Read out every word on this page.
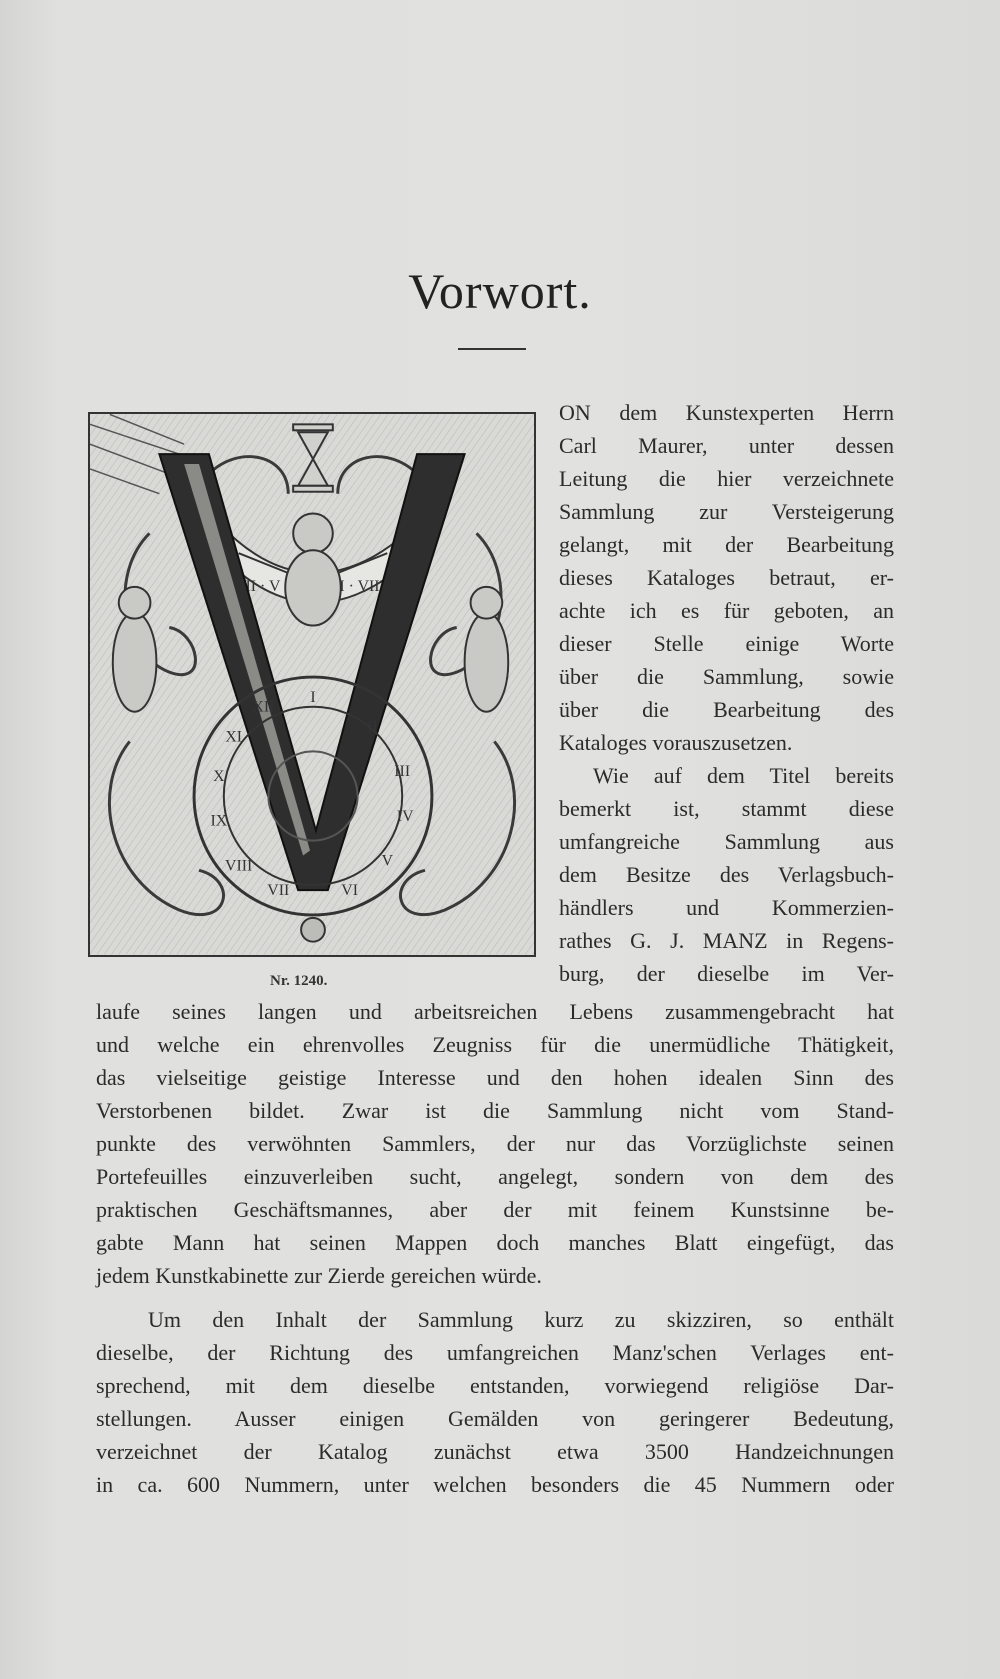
Vorwort.
· V · VIII
I
XII
II
III
IV
V
VI
VII
VIII
IX
X
XI
Nr. 1240.
ON dem Kunstexperten Herrn
Carl Maurer, unter dessen
Leitung die hier verzeichnete
Sammlung zur Versteigerung
gelangt, mit der Bearbeitung
dieses Kataloges betraut, er-
achte ich es für geboten, an
dieser Stelle einige Worte
über die Sammlung, sowie
über die Bearbeitung des
Kataloges vorauszusetzen.
Wie auf dem Titel bereits
bemerkt ist, stammt diese
umfangreiche Sammlung aus
dem Besitze des Verlagsbuch-
händlers und Kommerzien-
rathes G. J. MANZ in Regens-
burg, der dieselbe im Ver-
laufe seines langen und arbeitsreichen Lebens zusammengebracht hat
und welche ein ehrenvolles Zeugniss für die unermüdliche Thätigkeit,
das vielseitige geistige Interesse und den hohen idealen Sinn des
Verstorbenen bildet. Zwar ist die Sammlung nicht vom Stand-
punkte des verwöhnten Sammlers, der nur das Vorzüglichste seinen
Portefeuilles einzuverleiben sucht, angelegt, sondern von dem des
praktischen Geschäftsmannes, aber der mit feinem Kunstsinne be-
gabte Mann hat seinen Mappen doch manches Blatt eingefügt, das
jedem Kunstkabinette zur Zierde gereichen würde.
Um den Inhalt der Sammlung kurz zu skizziren, so enthält
dieselbe, der Richtung des umfangreichen Manz'schen Verlages ent-
sprechend, mit dem dieselbe entstanden, vorwiegend religiöse Dar-
stellungen. Ausser einigen Gemälden von geringerer Bedeutung,
verzeichnet der Katalog zunächst etwa 3500 Handzeichnungen
in ca. 600 Nummern, unter welchen besonders die 45 Nummern oder
